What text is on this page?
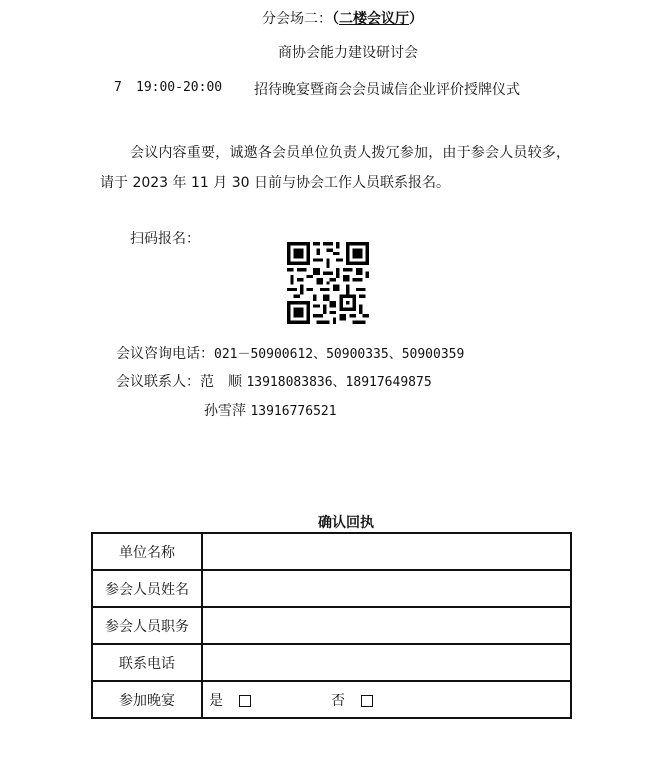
分会场二：（二楼会议厅）
商协会能力建设研讨会
7 19:00-20:00 招待晚宴暨商会会员诚信企业评价授牌仪式
会议内容重要，诚邀各会员单位负责人拨冗参加，由于参会人员较多，
请于 2023 年 11 月 30 日前与协会工作人员联系报名。
扫码报名：
会议咨询电话：021－50900612、50900335、50900359
会议联系人：范　顺 13918083836、18917649875
孙雪萍 13916776521
确认回执
单位名称	
参会人员姓名	
参会人员职务	
联系电话	
参加晚宴	是 否
